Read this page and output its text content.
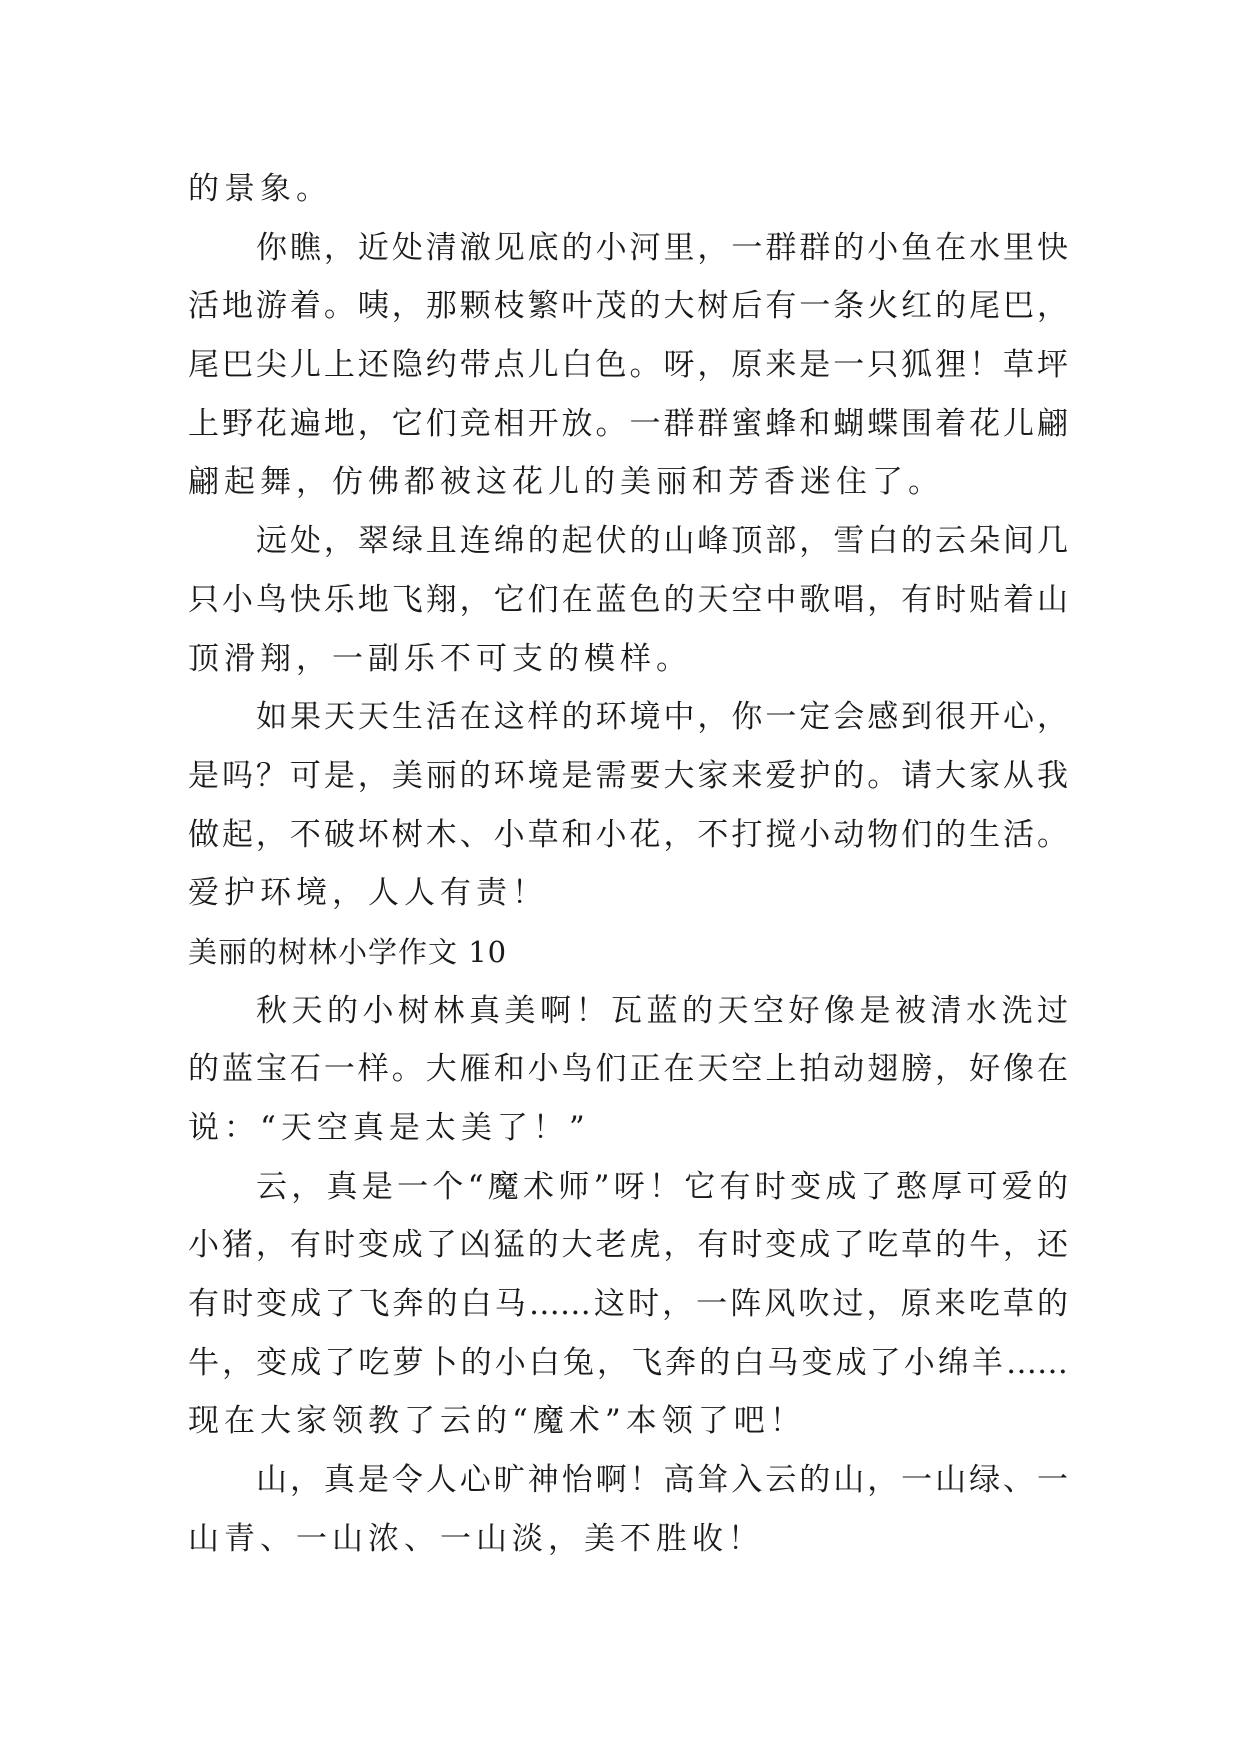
的景象。
你瞧，近处清澈见底的小河里，一群群的小鱼在水里快
活地游着。咦，那颗枝繁叶茂的大树后有一条火红的尾巴，
尾巴尖儿上还隐约带点儿白色。呀，原来是一只狐狸！草坪
上野花遍地，它们竞相开放。一群群蜜蜂和蝴蝶围着花儿翩
翩起舞，仿佛都被这花儿的美丽和芳香迷住了。
远处，翠绿且连绵的起伏的山峰顶部，雪白的云朵间几
只小鸟快乐地飞翔，它们在蓝色的天空中歌唱，有时贴着山
顶滑翔，一副乐不可支的模样。
如果天天生活在这样的环境中，你一定会感到很开心，
是吗？可是，美丽的环境是需要大家来爱护的。请大家从我
做起，不破坏树木、小草和小花，不打搅小动物们的生活。
爱护环境，人人有责！
美丽的树林小学作文 10
秋天的小树林真美啊！瓦蓝的天空好像是被清水洗过
的蓝宝石一样。大雁和小鸟们正在天空上拍动翅膀，好像在
说：“天空真是太美了！”
云，真是一个“魔术师”呀！它有时变成了憨厚可爱的
小猪，有时变成了凶猛的大老虎，有时变成了吃草的牛，还
有时变成了飞奔的白马……这时，一阵风吹过，原来吃草的
牛，变成了吃萝卜的小白兔，飞奔的白马变成了小绵羊……
现在大家领教了云的“魔术”本领了吧！
山，真是令人心旷神怡啊！高耸入云的山，一山绿、一
山青、一山浓、一山淡，美不胜收！
